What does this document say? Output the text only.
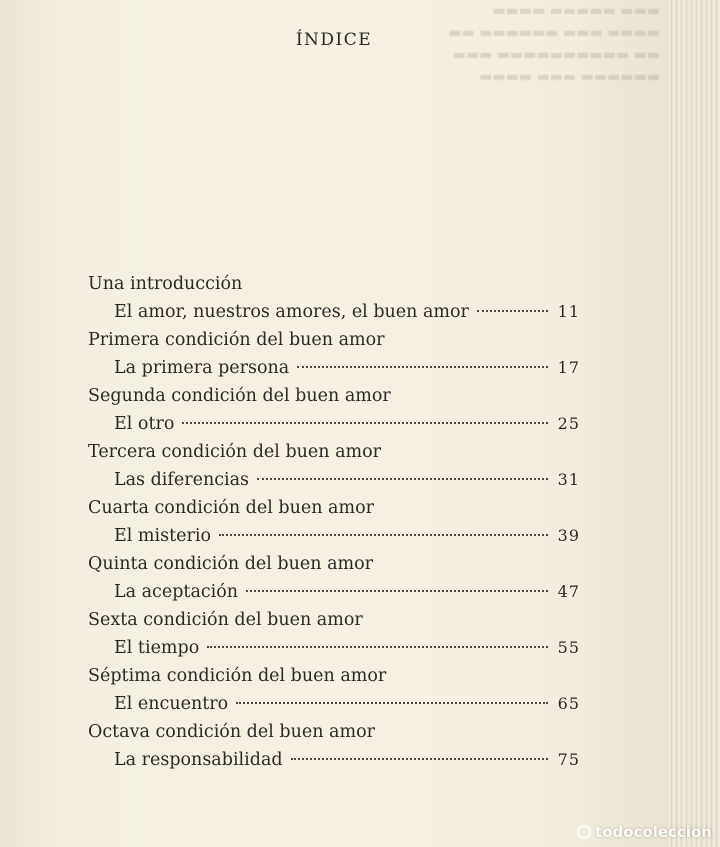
▬▬▬ ▬▬▬▬▬ ▬▬▬▬
▬▬▬▬ ▬▬▬ ▬▬▬▬▬▬ ▬▬
▬▬ ▬▬▬▬▬▬▬▬▬▬ ▬▬▬
▬▬▬▬▬▬ ▬▬▬ ▬▬▬▬
ÍNDICE
Una introducción
El amor, nuestros amores, el buen amor	11
Primera condición del buen amor
La primera persona	17
Segunda condición del buen amor
El otro	25
Tercera condición del buen amor
Las diferencias	31
Cuarta condición del buen amor
El misterio	39
Quinta condición del buen amor
La aceptación	47
Sexta condición del buen amor
El tiempo	55
Séptima condición del buen amor
El encuentro	65
Octava condición del buen amor
La responsabilidad	75
todocoleccion
